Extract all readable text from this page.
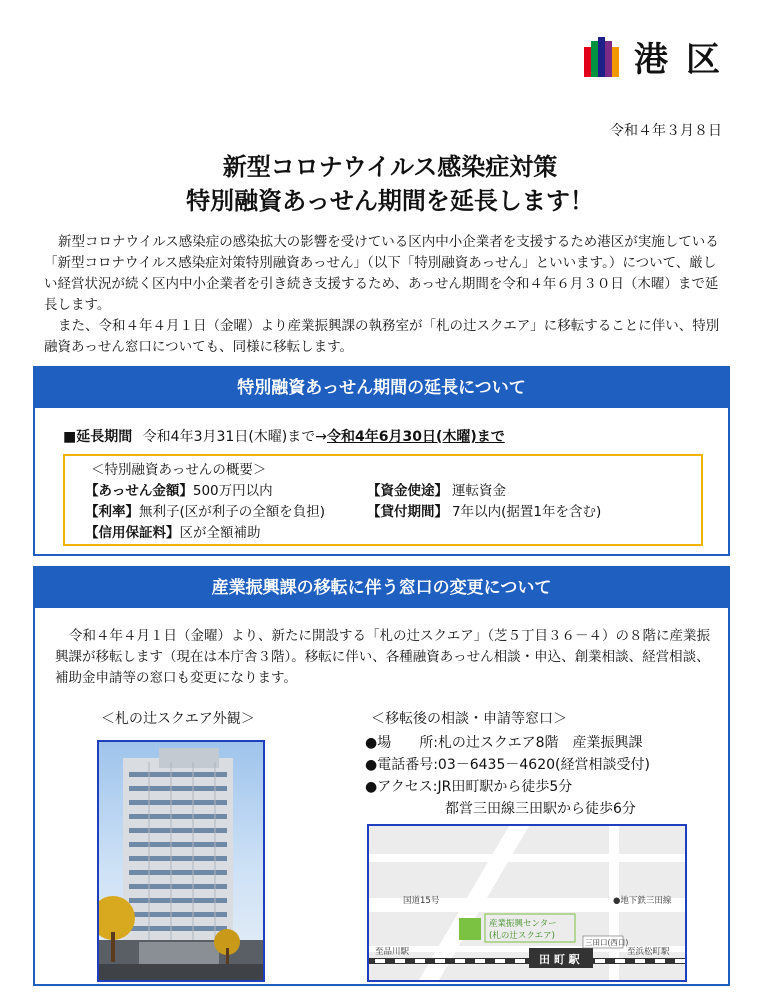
港区
令和４年３月８日
新型コロナウイルス感染症対策
特別融資あっせん期間を延長します！

新型コロナウイルス感染症の感染拡大の影響を受けている区内中小企業者を支援するため港区が実施している「新型コロナウイルス感染症対策特別融資あっせん」（以下「特別融資あっせん」といいます。）について、厳しい経営状況が続く区内中小企業者を引き続き支援するため、あっせん期間を令和４年６月３０日（木曜）まで延長します。

また、令和４年４月１日（金曜）より産業振興課の執務室が「札の辻スクエア」に移転することに伴い、特別融資あっせん窓口についても、同様に移転します。

特別融資あっせん期間の延長について
■延長期間 令和4年3月31日(木曜)まで→令和4年6月30日(木曜)まで
＜特別融資あっせんの概要＞
【あっせん金額】500万円以内	【資金使途】 運転資金
【利率】無利子(区が利子の全額を負担)	【貸付期間】 7年以内(据置1年を含む)
【信用保証料】区が全額補助
産業振興課の移転に伴う窓口の変更について
令和４年４月１日（金曜）より、新たに開設する「札の辻スクエア」（芝５丁目３６－４）の８階に産業振興課が移転します（現在は本庁舎３階）。移転に伴い、各種融資あっせん相談・申込、創業相談、経営相談、補助金申請等の窓口も変更になります。
＜札の辻スクエア外観＞	＜移転後の相談・申請等窓口＞
●場　　所:札の辻スクエア8階　産業振興課
●電話番号:03－6435－4620(経営相談受付)
●アクセス:JR田町駅から徒歩5分
都営三田線三田駅から徒歩6分
国道15号	●地下鉄三田線
産業振興センター
(札の辻スクエア)
三田口(西口)
至品川駅	至浜松町駅
田 町 駅
